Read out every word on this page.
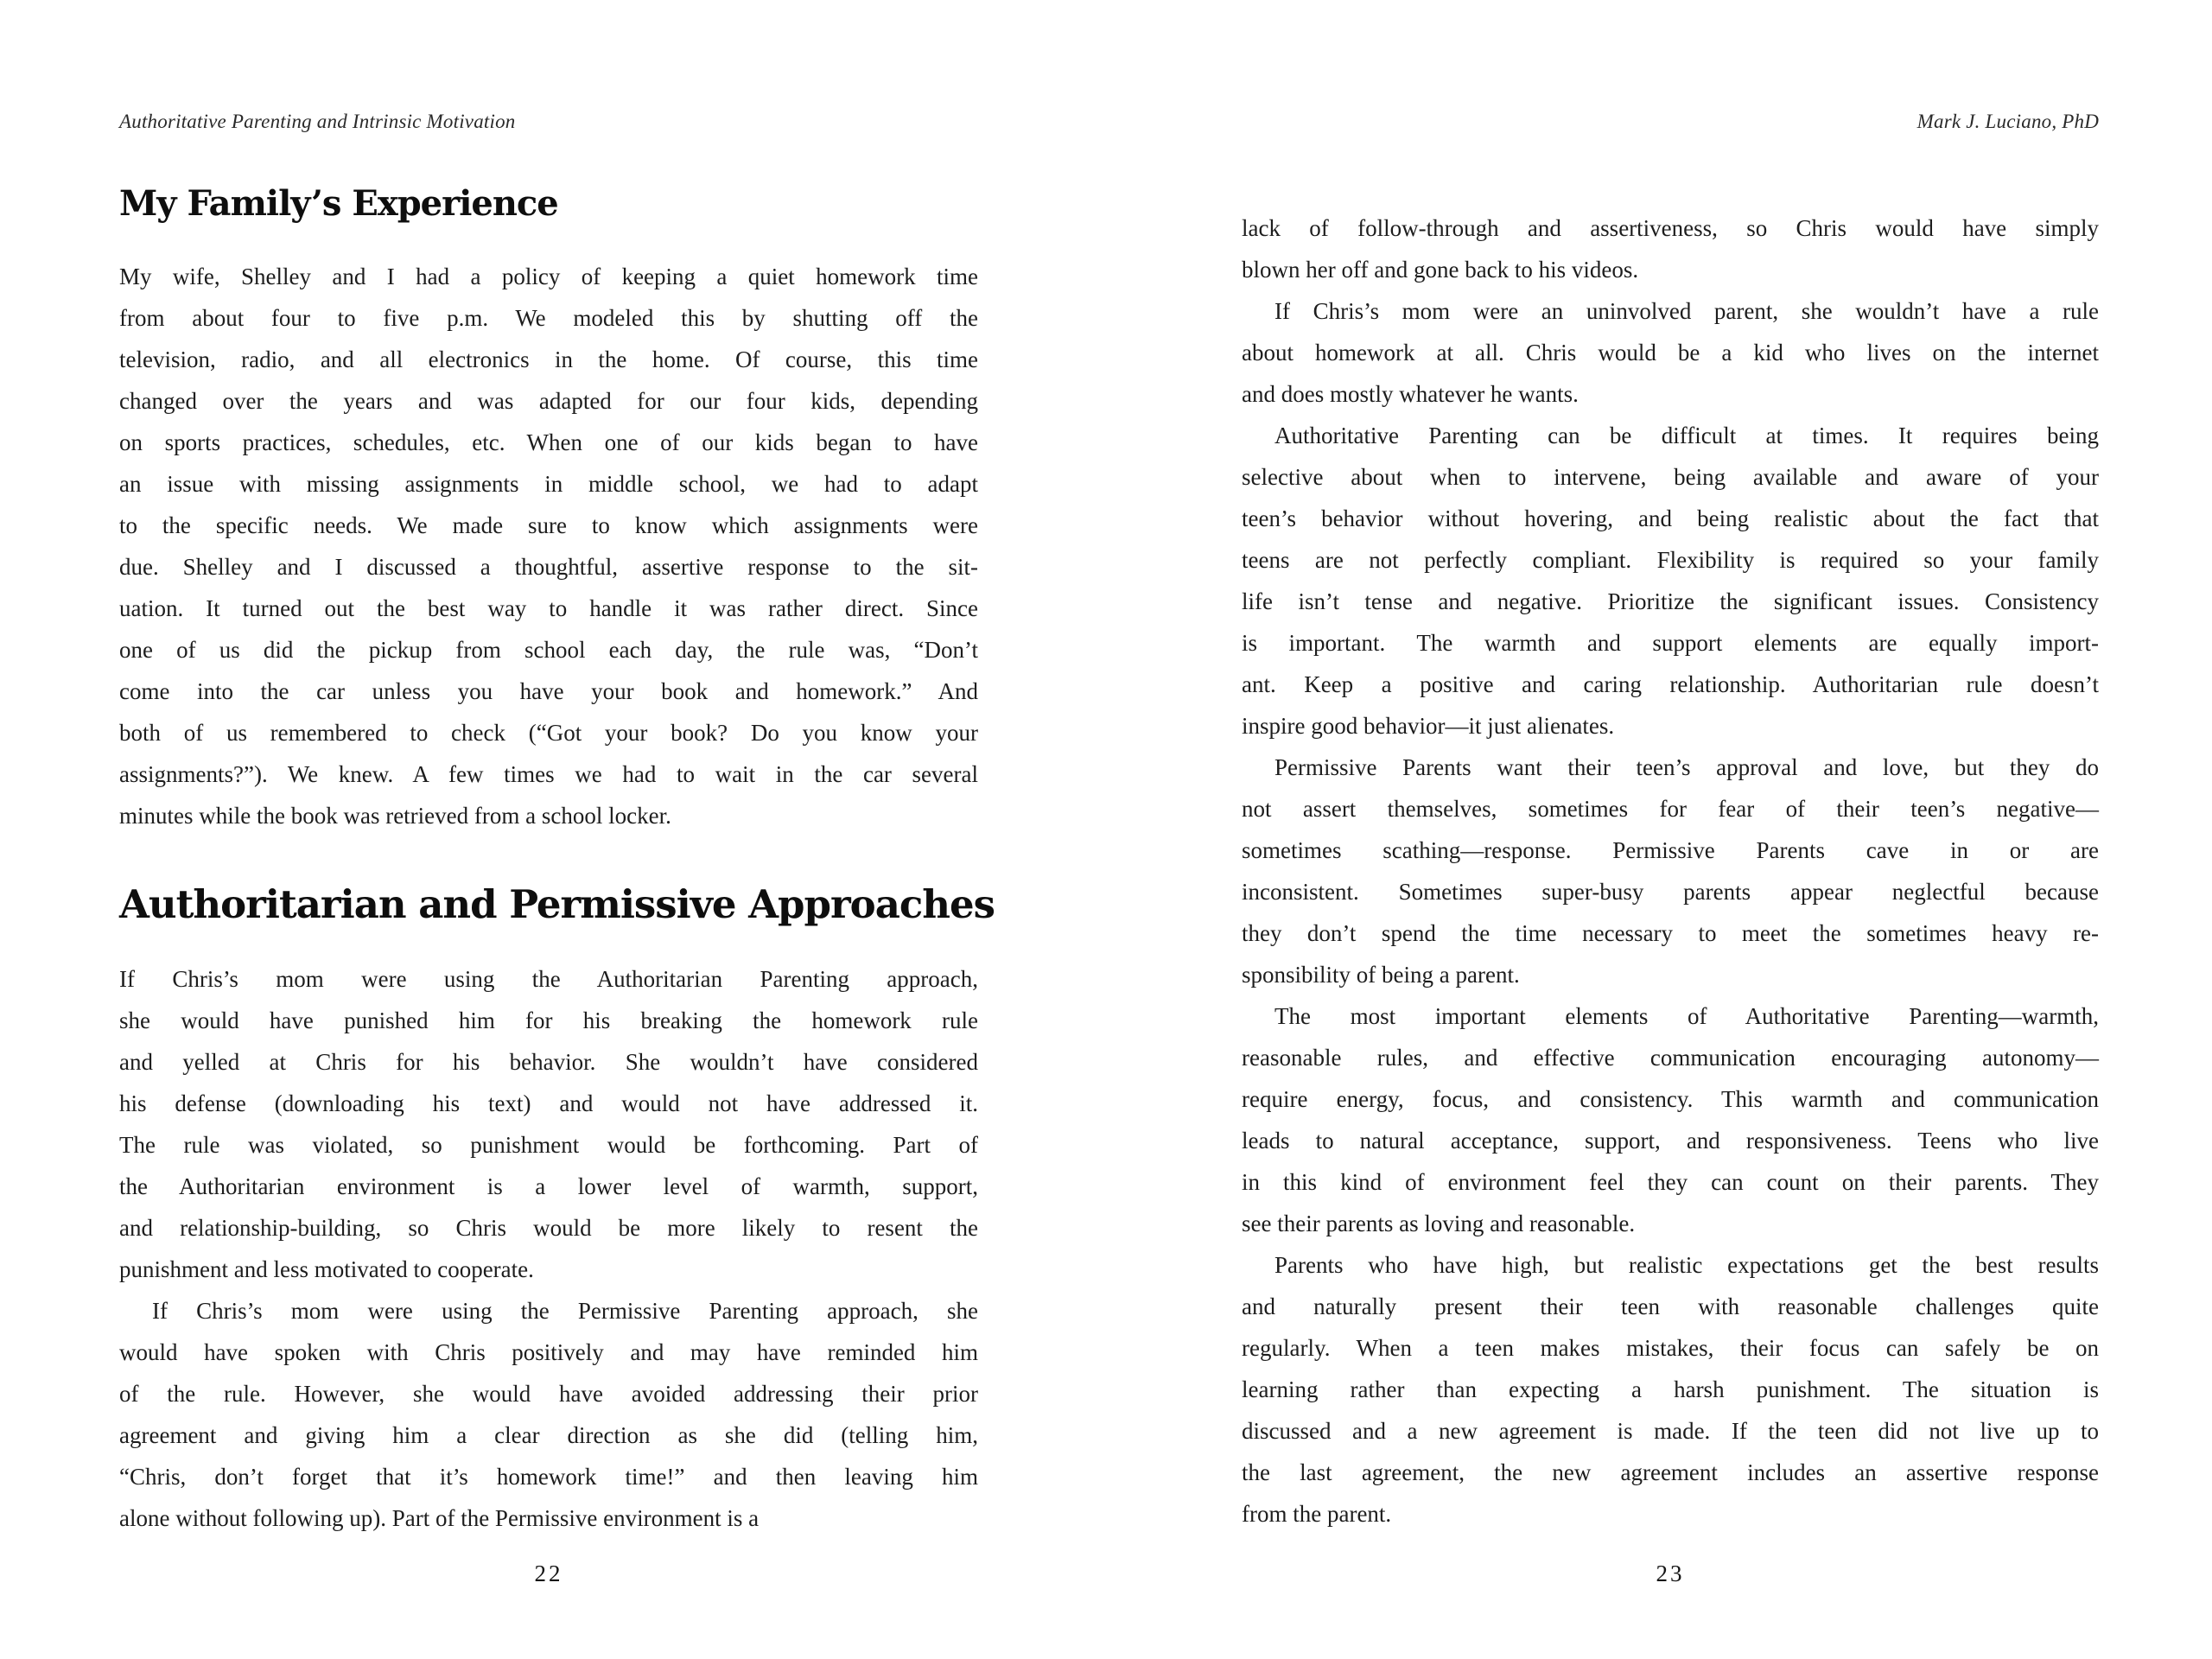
Authoritative Parenting and Intrinsic Motivation
My Family’s Experience
My wife, Shelley and I had a policy of keeping a quiet homework time
from about four to five p.m. We modeled this by shutting off the
television, radio, and all electronics in the home. Of course, this time
changed over the years and was adapted for our four kids, depending
on sports practices, schedules, etc. When one of our kids began to have
an issue with missing assignments in middle school, we had to adapt
to the specific needs. We made sure to know which assignments were
due. Shelley and I discussed a thoughtful, assertive response to the sit-
uation. It turned out the best way to handle it was rather direct. Since
one of us did the pickup from school each day, the rule was, “Don’t
come into the car unless you have your book and homework.” And
both of us remembered to check (“Got your book? Do you know your
assignments?”). We knew. A few times we had to wait in the car several
minutes while the book was retrieved from a school locker.
Authoritarian and Permissive Approaches
If Chris’s mom were using the Authoritarian Parenting approach,
she would have punished him for his breaking the homework rule
and yelled at Chris for his behavior. She wouldn’t have considered
his defense (downloading his text) and would not have addressed it.
The rule was violated, so punishment would be forthcoming. Part of
the Authoritarian environment is a lower level of warmth, support,
and relationship-building, so Chris would be more likely to resent the
punishment and less motivated to cooperate.
If Chris’s mom were using the Permissive Parenting approach, she
would have spoken with Chris positively and may have reminded him
of the rule. However, she would have avoided addressing their prior
agreement and giving him a clear direction as she did (telling him,
“Chris, don’t forget that it’s homework time!” and then leaving him
alone without following up). Part of the Permissive environment is a
22
Mark J. Luciano, PhD
lack of follow-through and assertiveness, so Chris would have simply
blown her off and gone back to his videos.
If Chris’s mom were an uninvolved parent, she wouldn’t have a rule
about homework at all. Chris would be a kid who lives on the internet
and does mostly whatever he wants.
Authoritative Parenting can be difficult at times. It requires being
selective about when to intervene, being available and aware of your
teen’s behavior without hovering, and being realistic about the fact that
teens are not perfectly compliant. Flexibility is required so your family
life isn’t tense and negative. Prioritize the significant issues. Consistency
is important. The warmth and support elements are equally import-
ant. Keep a positive and caring relationship. Authoritarian rule doesn’t
inspire good behavior—it just alienates.
Permissive Parents want their teen’s approval and love, but they do
not assert themselves, sometimes for fear of their teen’s negative—
sometimes scathing—response. Permissive Parents cave in or are
inconsistent. Sometimes super-busy parents appear neglectful because
they don’t spend the time necessary to meet the sometimes heavy re-
sponsibility of being a parent.
The most important elements of Authoritative Parenting—warmth,
reasonable rules, and effective communication encouraging autonomy—
require energy, focus, and consistency. This warmth and communication
leads to natural acceptance, support, and responsiveness. Teens who live
in this kind of environment feel they can count on their parents. They
see their parents as loving and reasonable.
Parents who have high, but realistic expectations get the best results
and naturally present their teen with reasonable challenges quite
regularly. When a teen makes mistakes, their focus can safely be on
learning rather than expecting a harsh punishment. The situation is
discussed and a new agreement is made. If the teen did not live up to
the last agreement, the new agreement includes an assertive response
from the parent.
23
